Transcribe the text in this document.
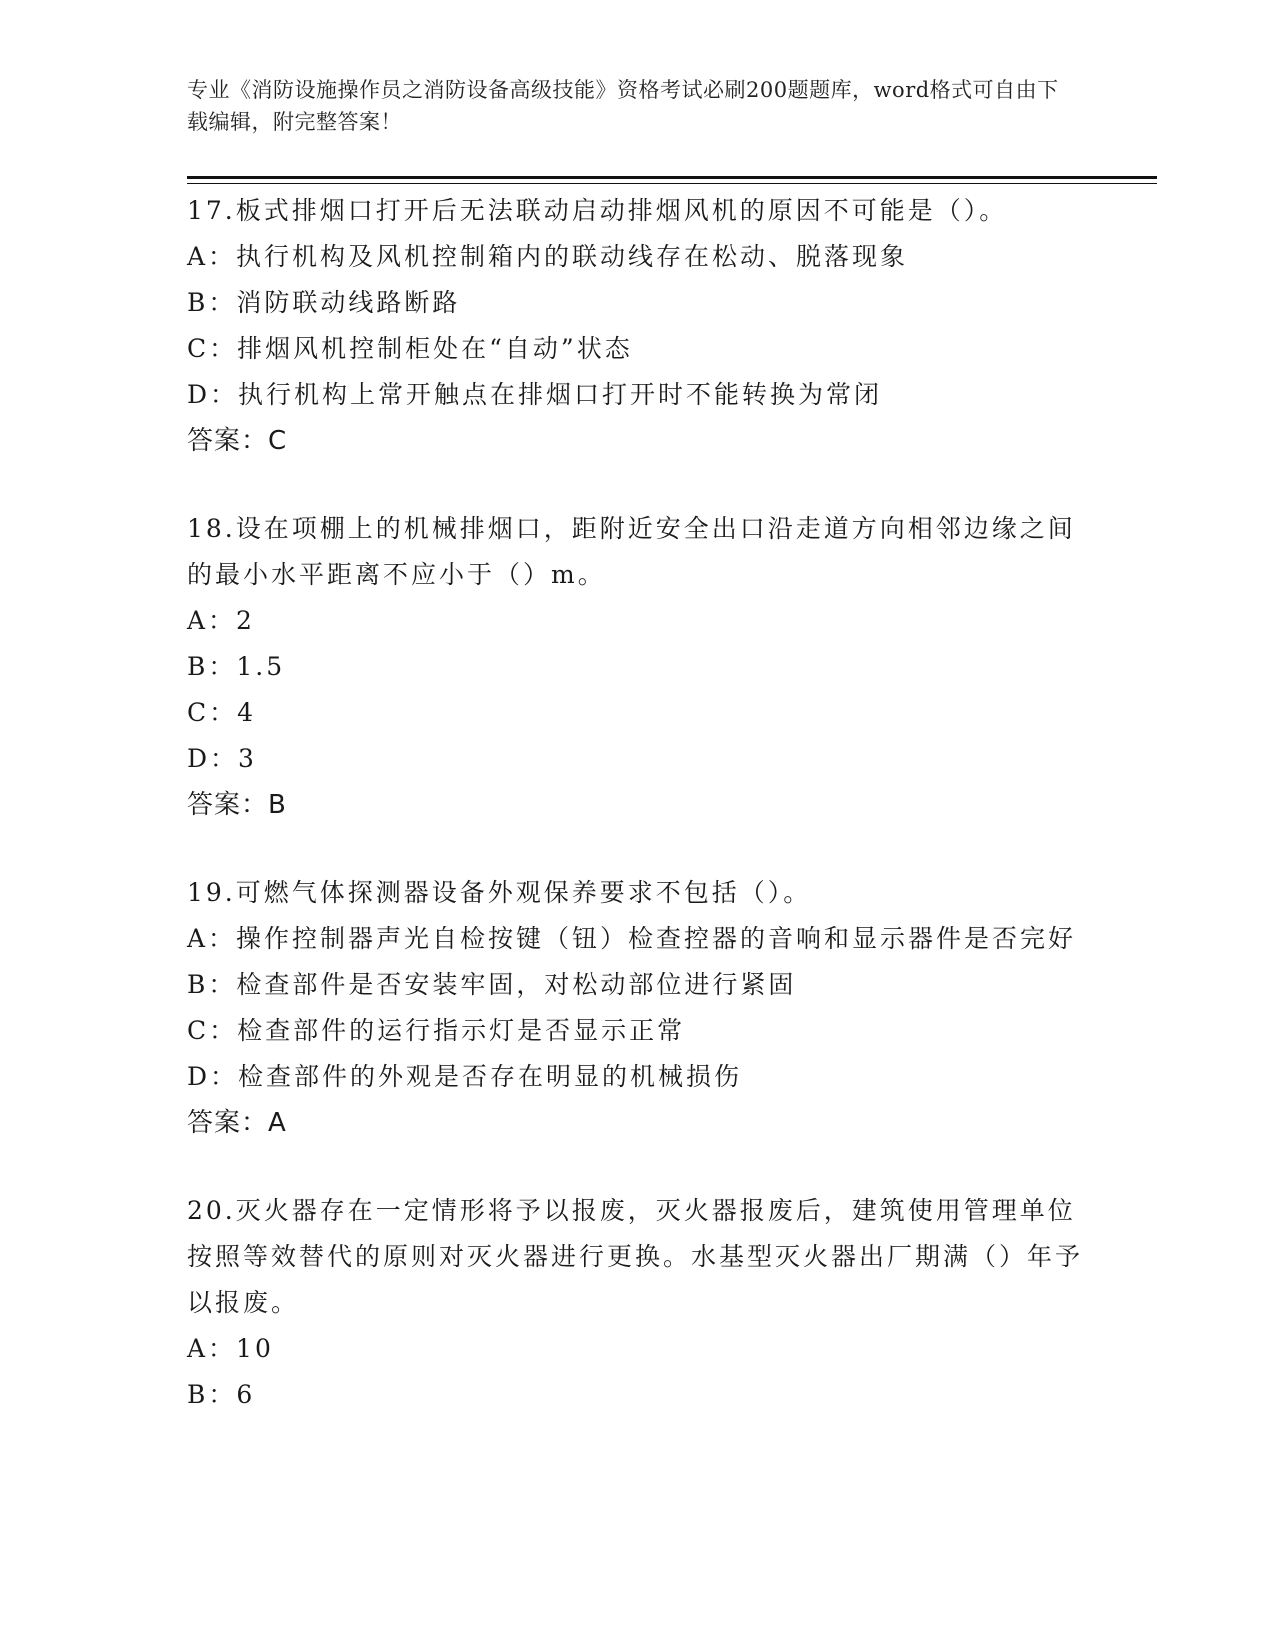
专业《消防设施操作员之消防设备高级技能》资格考试必刷200题题库，word格式可自由下载编辑，附完整答案！

17.板式排烟口打开后无法联动启动排烟风机的原因不可能是（）。

A：执行机构及风机控制箱内的联动线存在松动、脱落现象

B：消防联动线路断路

C：排烟风机控制柜处在“自动”状态

D：执行机构上常开触点在排烟口打开时不能转换为常闭

答案：C

18.设在项棚上的机械排烟口，距附近安全出口沿走道方向相邻边缘之间的最小水平距离不应小于（）m。

A：2

B：1.5

C：4

D：3

答案：B

19.可燃气体探测器设备外观保养要求不包括（）。

A：操作控制器声光自检按键（钮）检查控器的音响和显示器件是否完好

B：检查部件是否安装牢固，对松动部位进行紧固

C：检查部件的运行指示灯是否显示正常

D：检查部件的外观是否存在明显的机械损伤

答案：A

20.灭火器存在一定情形将予以报废，灭火器报废后，建筑使用管理单位按照等效替代的原则对灭火器进行更换。水基型灭火器出厂期满（）年予以报废。

A：10

B：6
